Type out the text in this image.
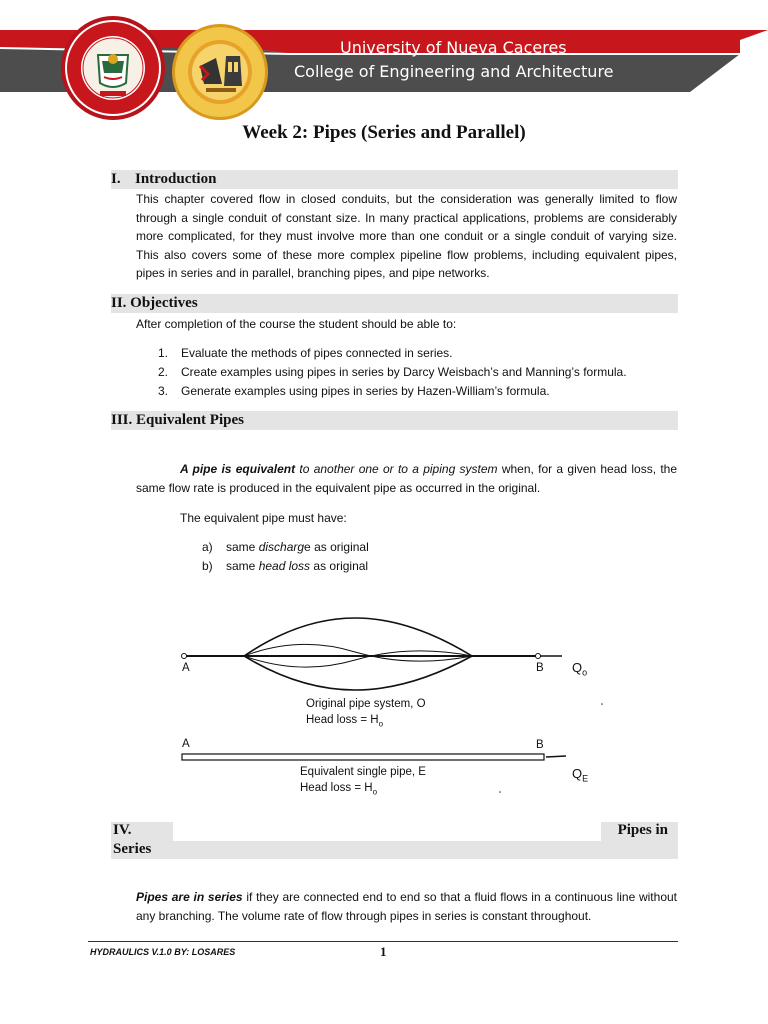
University of Nueva Caceres
College of Engineering and Architecture
Week 2: Pipes (Series and Parallel)
I. Introduction

This chapter covered flow in closed conduits, but the consideration was generally limited to flow through a single conduit of constant size. In many practical applications, problems are considerably more complicated, for they must involve more than one conduit or a single conduit of varying size. This also covers some of these more complex pipeline flow problems, including equivalent pipes, pipes in series and in parallel, branching pipes, and pipe networks.

II. Objectives

After completion of the course the student should be able to:

1. Evaluate the methods of pipes connected in series.
2. Create examples using pipes in series by Darcy Weisbach’s and Manning’s formula.
3. Generate examples using pipes in series by Hazen-William’s formula.
III. Equivalent Pipes

A pipe is equivalent to another one or to a piping system when, for a given head loss, the same flow rate is produced in the equivalent pipe as occurred in the original.

The equivalent pipe must have:

a) same discharge as original
b) same head loss as original
A	B $Q_o$
Original pipe system, O
Head loss = $H_o$
A	B
$Q_E$
Equivalent single pipe, E
Head loss = $H_o$
IV.	Pipes in
Series

Pipes are in series if they are connected end to end so that a fluid flows in a continuous line without any branching. The volume rate of flow through pipes in series is constant throughout.

HYDRAULICS V.1.0 BY: LOSARES	1
